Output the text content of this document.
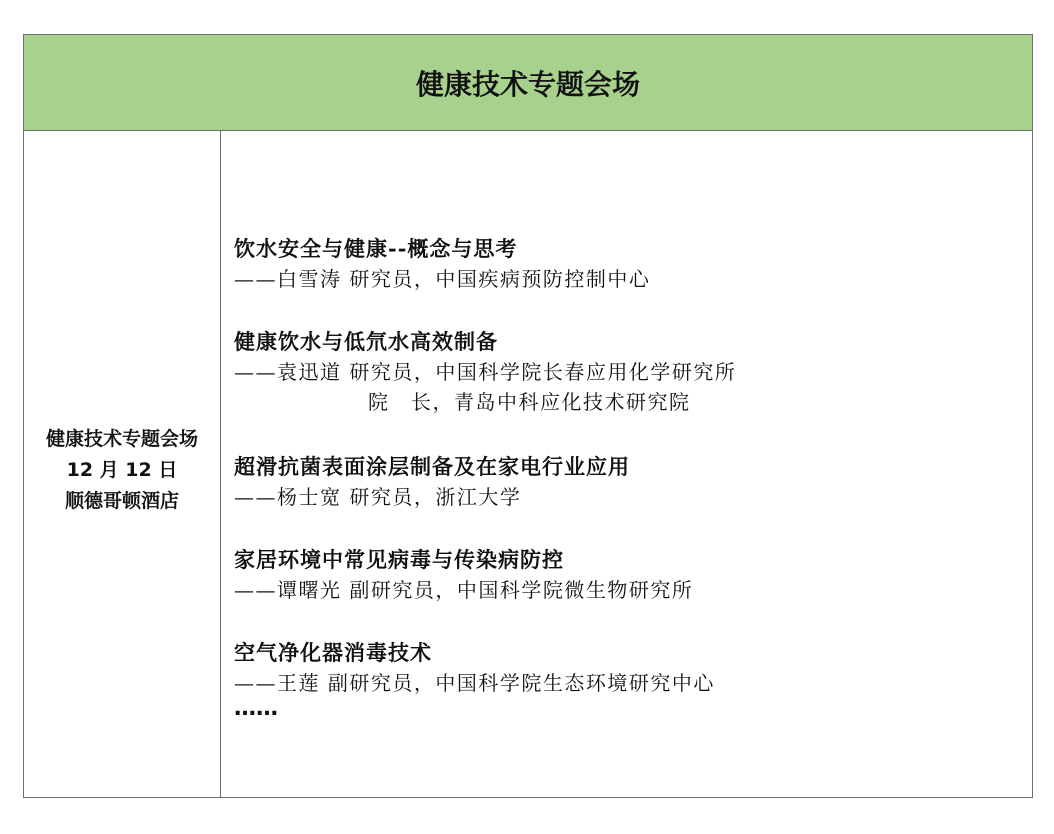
健康技术专题会场
健康技术专题会场
12 月 12 日
顺德哥顿酒店
饮水安全与健康--概念与思考
——白雪涛 研究员，中国疾病预防控制中心
健康饮水与低氘水高效制备
——袁迅道 研究员，中国科学院长春应用化学研究所
院　长，青岛中科应化技术研究院
超滑抗菌表面涂层制备及在家电行业应用
——杨士宽 研究员，浙江大学
家居环境中常见病毒与传染病防控
——谭曙光 副研究员，中国科学院微生物研究所
空气净化器消毒技术
——王莲 副研究员，中国科学院生态环境研究中心
……
